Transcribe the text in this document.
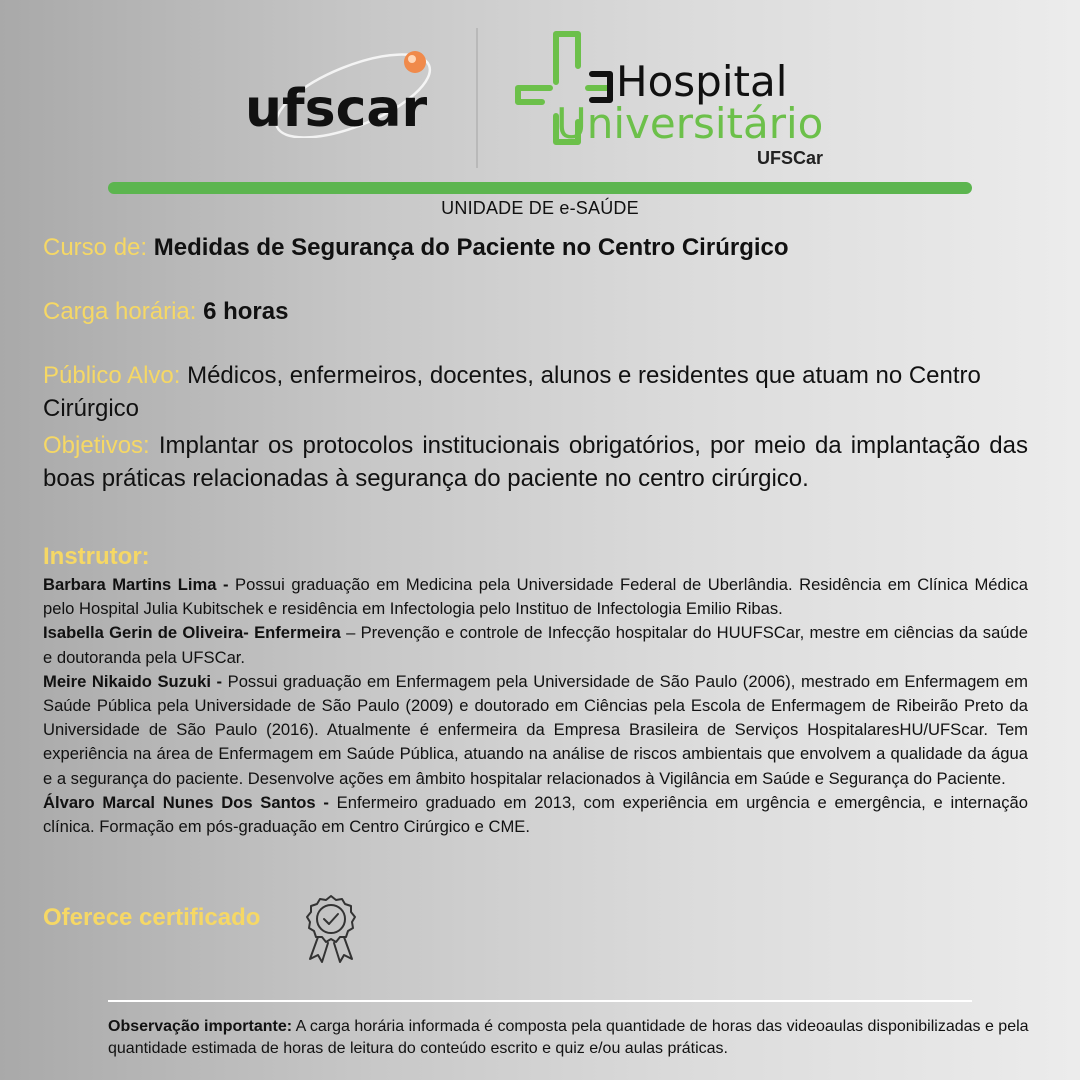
ufscar	Hospital
Universitário
UFSCar
UNIDADE DE e-SAÚDE
Curso de: Medidas de Segurança do Paciente no Centro Cirúrgico
Carga horária: 6 horas
Público Alvo: Médicos, enfermeiros, docentes, alunos e residentes que atuam no Centro Cirúrgico
Objetivos: Implantar os protocolos institucionais obrigatórios, por meio da implantação das boas práticas relacionadas à segurança do paciente no centro cirúrgico.
Instrutor:

Barbara Martins Lima - Possui graduação em Medicina pela Universidade Federal de Uberlândia. Residência em Clínica Médica pelo Hospital Julia Kubitschek e residência em Infectologia pelo Instituo de Infectologia Emilio Ribas.

Isabella Gerin de Oliveira- Enfermeira – Prevenção e controle de Infecção hospitalar do HUUFSCar, mestre em ciências da saúde e doutoranda pela UFSCar.

Meire Nikaido Suzuki - Possui graduação em Enfermagem pela Universidade de São Paulo (2006), mestrado em Enfermagem em Saúde Pública pela Universidade de São Paulo (2009) e doutorado em Ciências pela Escola de Enfermagem de Ribeirão Preto da Universidade de São Paulo (2016). Atualmente é enfermeira da Empresa Brasileira de Serviços HospitalaresHU/UFScar. Tem experiência na área de Enfermagem em Saúde Pública, atuando na análise de riscos ambientais que envolvem a qualidade da água e a segurança do paciente. Desenvolve ações em âmbito hospitalar relacionados à Vigilância em Saúde e Segurança do Paciente.

Álvaro Marcal Nunes Dos Santos - Enfermeiro graduado em 2013, com experiência em urgência e emergência, e internação clínica. Formação em pós-graduação em Centro Cirúrgico e CME.

Oferece certificado
Observação importante: A carga horária informada é composta pela quantidade de horas das videoaulas disponibilizadas e pela quantidade estimada de horas de leitura do conteúdo escrito e quiz e/ou aulas práticas.
